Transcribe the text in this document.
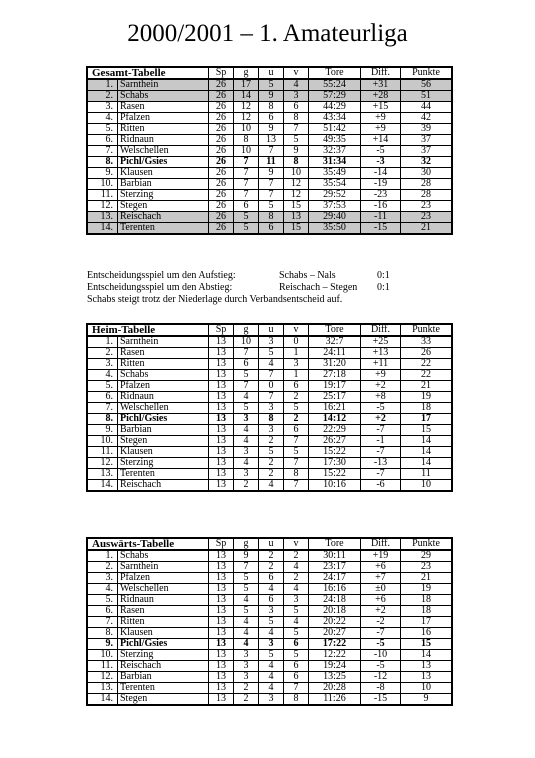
2000/2001 – 1. Amateurliga
Gesamt-Tabelle		Sp	g	u	v	Tore	Diff.	Punkte
1.	Sarnthein	26	17	5	4	55:24	+31	56
2.	Schabs	26	14	9	3	57:29	+28	51
3.	Rasen	26	12	8	6	44:29	+15	44
4.	Pfalzen	26	12	6	8	43:34	+9	42
5.	Ritten	26	10	9	7	51:42	+9	39
6.	Ridnaun	26	8	13	5	49:35	+14	37
7.	Welschellen	26	10	7	9	32:37	-5	37
8.	Pichl/Gsies	26	7	11	8	31:34	-3	32
9.	Klausen	26	7	9	10	35:49	-14	30
10.	Barbian	26	7	7	12	35:54	-19	28
11.	Sterzing	26	7	7	12	29:52	-23	28
12.	Stegen	26	6	5	15	37:53	-16	23
13.	Reischach	26	5	8	13	29:40	-11	23
14.	Terenten	26	5	6	15	35:50	-15	21
Entscheidungsspiel um den Aufstieg:	Schabs – Nals	0:1
Entscheidungsspiel um den Abstieg:	Reischach – Stegen 0:1
Schabs steigt trotz der Niederlage durch Verbandsentscheid auf.
Heim-Tabelle		Sp	g	u	v	Tore	Diff.	Punkte
1.	Sarnthein	13	10	3	0	32:7	+25	33
2.	Rasen	13	7	5	1	24:11	+13	26
3.	Ritten	13	6	4	3	31:20	+11	22
4.	Schabs	13	5	7	1	27:18	+9	22
5.	Pfalzen	13	7	0	6	19:17	+2	21
6.	Ridnaun	13	4	7	2	25:17	+8	19
7.	Welschellen	13	5	3	5	16:21	-5	18
8.	Pichl/Gsies	13	3	8	2	14:12	+2	17
9.	Barbian	13	4	3	6	22:29	-7	15
10.	Stegen	13	4	2	7	26:27	-1	14
11.	Klausen	13	3	5	5	15:22	-7	14
12.	Sterzing	13	4	2	7	17:30	-13	14
13.	Terenten	13	3	2	8	15:22	-7	11
14.	Reischach	13	2	4	7	10:16	-6	10
Auswärts-Tabelle		Sp	g	u	v	Tore	Diff.	Punkte
1.	Schabs	13	9	2	2	30:11	+19	29
2.	Sarnthein	13	7	2	4	23:17	+6	23
3.	Pfalzen	13	5	6	2	24:17	+7	21
4.	Welschellen	13	5	4	4	16:16	±0	19
5.	Ridnaun	13	4	6	3	24:18	+6	18
6.	Rasen	13	5	3	5	20:18	+2	18
7.	Ritten	13	4	5	4	20:22	-2	17
8.	Klausen	13	4	4	5	20:27	-7	16
9.	Pichl/Gsies	13	4	3	6	17:22	-5	15
10.	Sterzing	13	3	5	5	12:22	-10	14
11.	Reischach	13	3	4	6	19:24	-5	13
12.	Barbian	13	3	4	6	13:25	-12	13
13.	Terenten	13	2	4	7	20:28	-8	10
14.	Stegen	13	2	3	8	11:26	-15	9
